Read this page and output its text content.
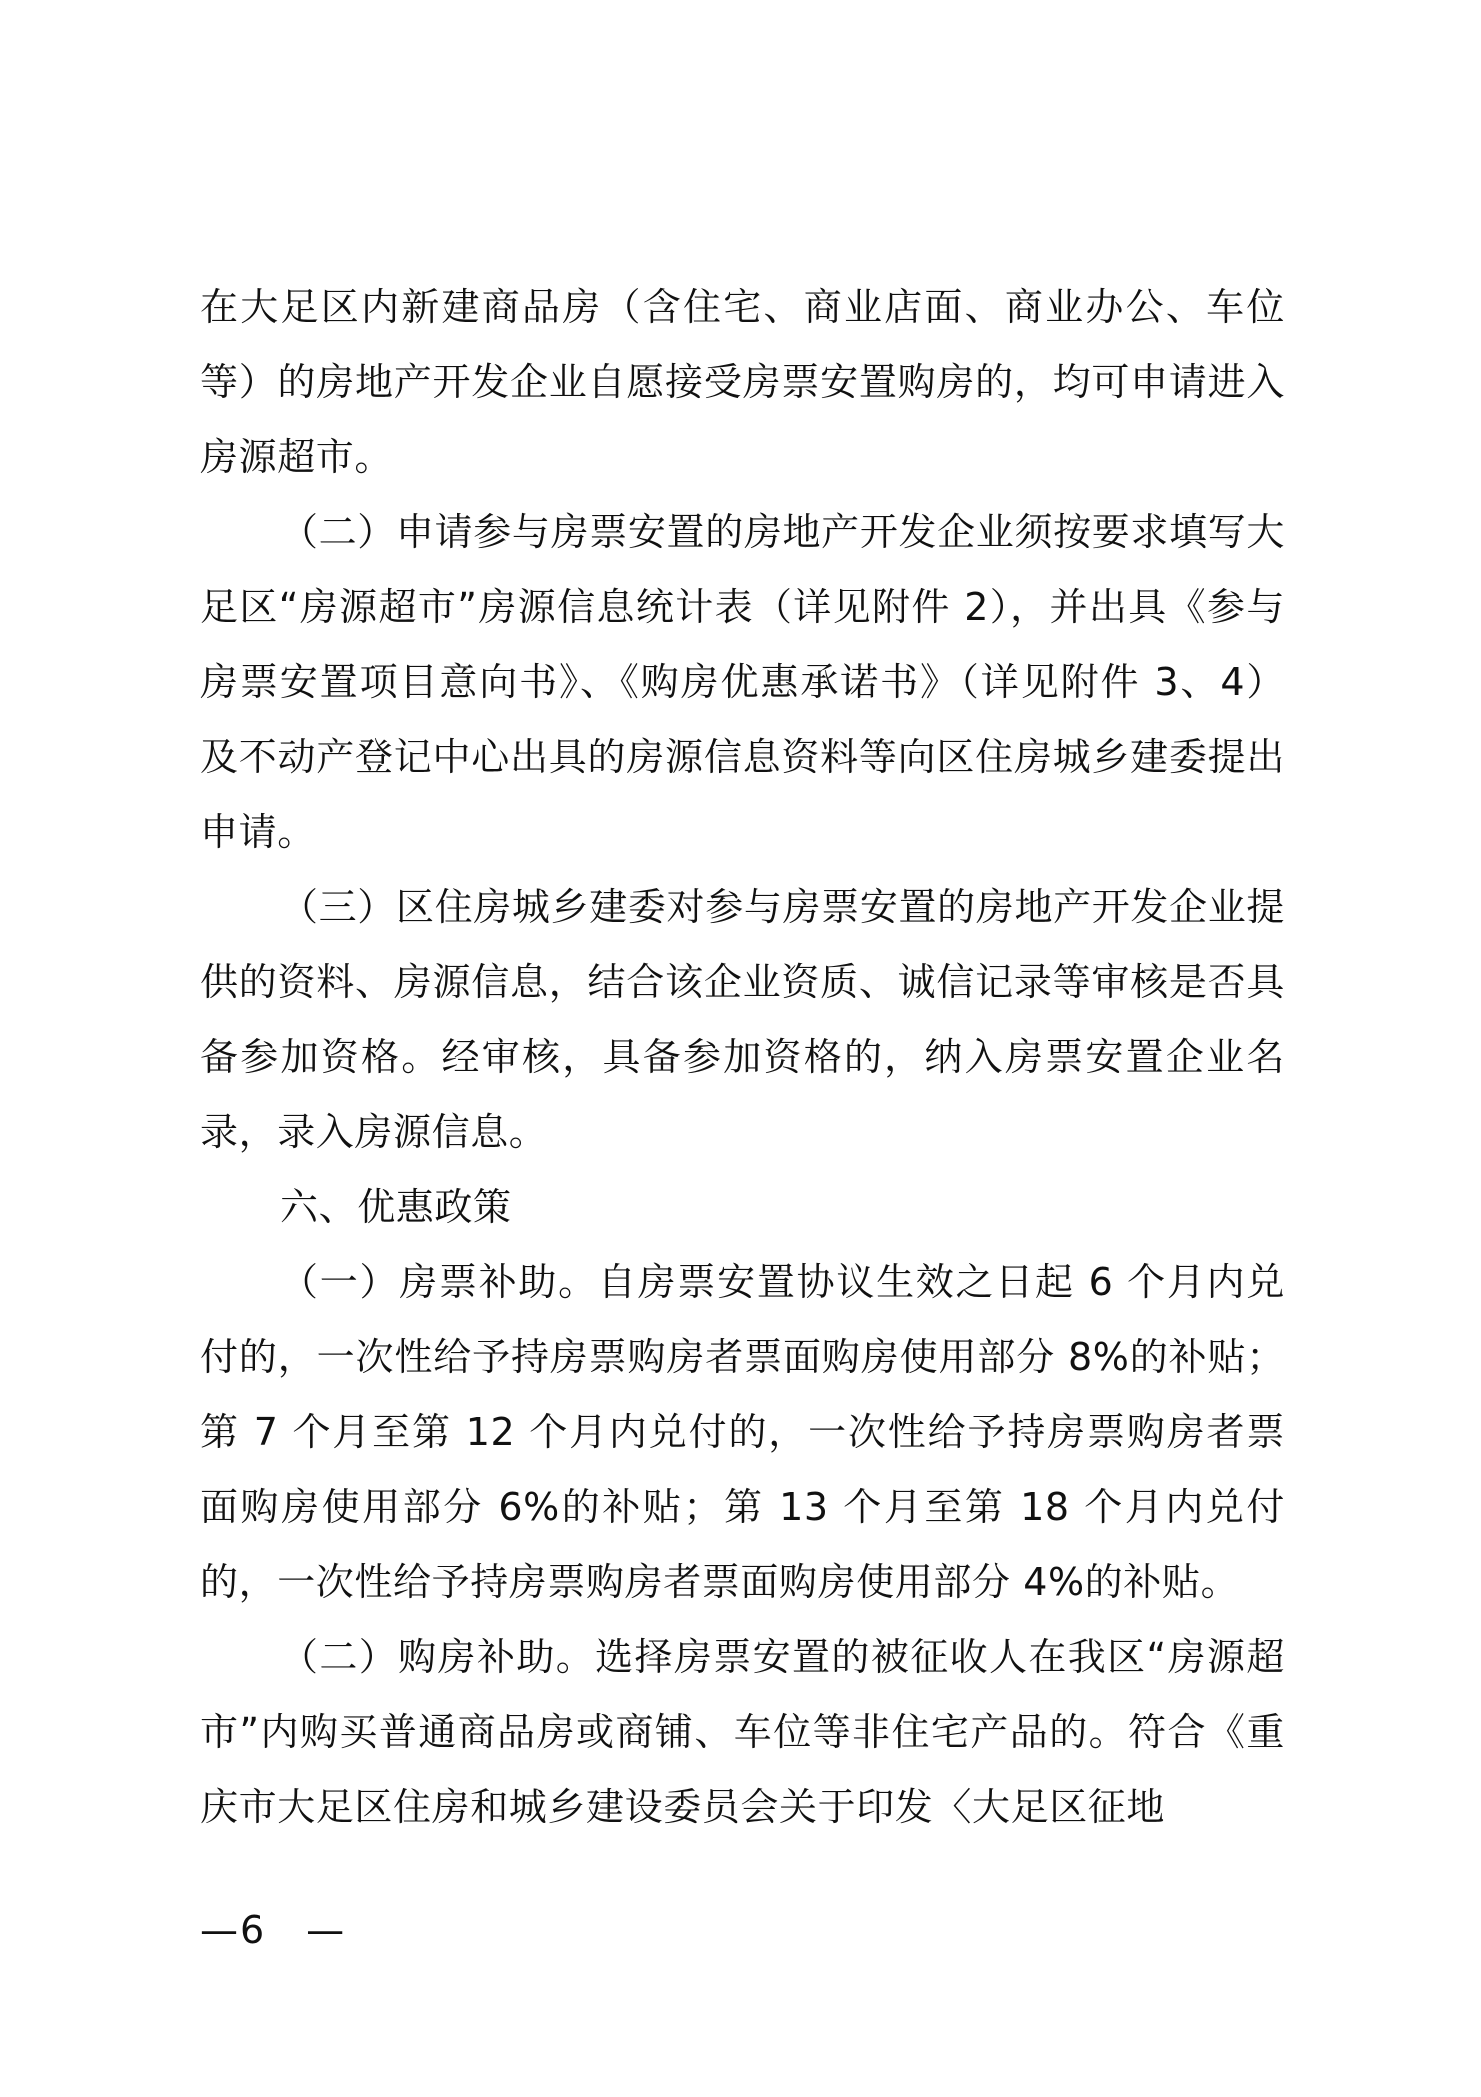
在大足区内新建商品房（含住宅、商业店面、商业办公、车位等）的房地产开发企业自愿接受房票安置购房的，均可申请进入房源超市。

（二）申请参与房票安置的房地产开发企业须按要求填写大足区“房源超市”房源信息统计表（详见附件 2），并出具《参与房票安置项目意向书》、《购房优惠承诺书》（详见附件 3、4）及不动产登记中心出具的房源信息资料等向区住房城乡建委提出申请。

（三）区住房城乡建委对参与房票安置的房地产开发企业提供的资料、房源信息，结合该企业资质、诚信记录等审核是否具备参加资格。经审核，具备参加资格的，纳入房票安置企业名录，录入房源信息。

六、优惠政策

（一）房票补助。自房票安置协议生效之日起 6 个月内兑付的，一次性给予持房票购房者票面购房使用部分 8%的补贴；第 7 个月至第 12 个月内兑付的，一次性给予持房票购房者票面购房使用部分 6%的补贴；第 13 个月至第 18 个月内兑付的，一次性给予持房票购房者票面购房使用部分 4%的补贴。

（二）购房补助。选择房票安置的被征收人在我区“房源超市”内购买普通商品房或商铺、车位等非住宅产品的。符合《重庆市大足区住房和城乡建设委员会关于印发〈大足区征地

—6　—
